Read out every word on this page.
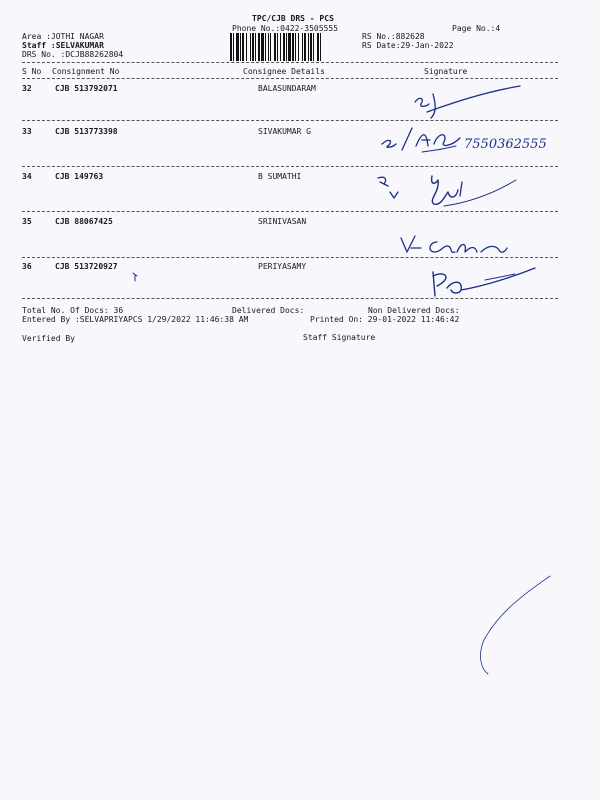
TPC/CJB DRS - PCS
Phone No.:0422-3505555	Page No.:4
Area :JOTHI NAGAR
Staff :SELVAKUMAR
DRS No. :DCJB88262804
RS No.:882628
RS Date:29-Jan-2022
S No Consignment No	Consignee Details	Signature
32	CJB 513792071	BALASUNDARAM
33	CJB 513773398	SIVAKUMAR G
34	CJB 149763	B SUMATHI
35	CJB 88067425	SRINIVASAN
36	CJB 513720927	PERIYASAMY
7550362555
Total No. Of Docs: 36	Delivered Docs:	Non Delivered Docs:
Entered By :SELVAPRIYAPCS 1/29/2022 11:46:38 AM	Printed On: 29-01-2022 11:46:42
Verified By	Staff Signature
